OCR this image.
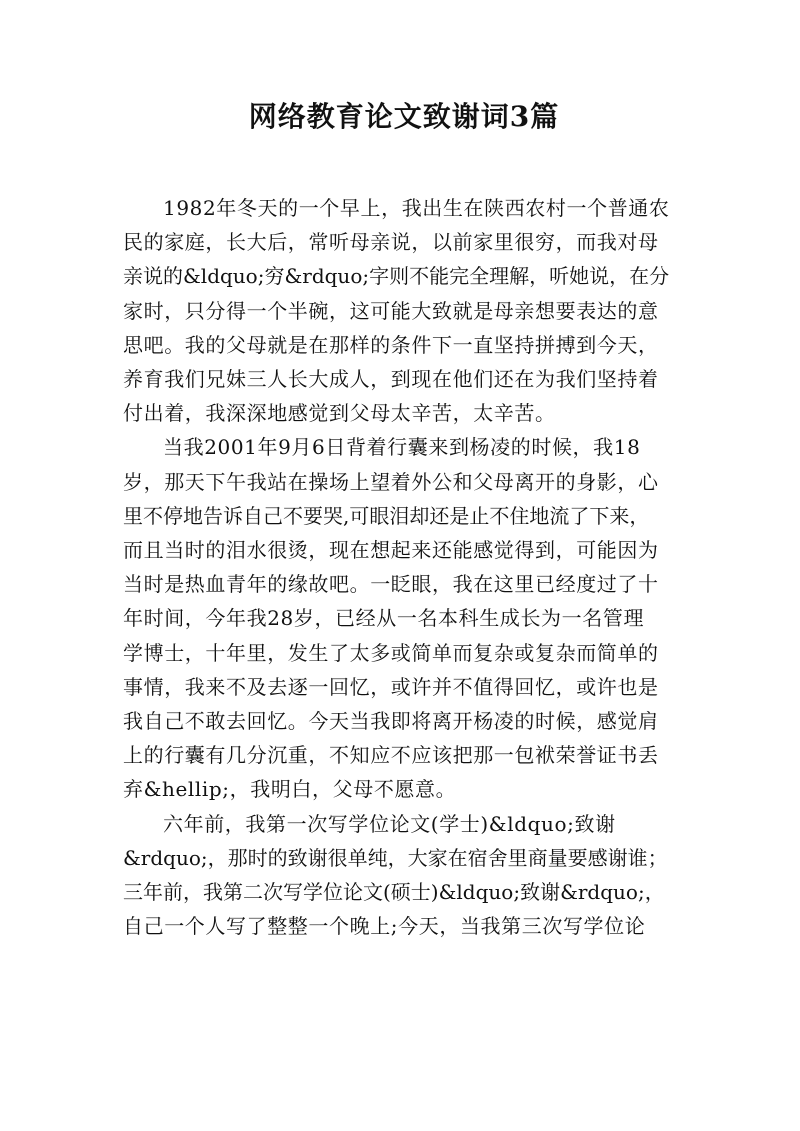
网络教育论文致谢词3篇

1982年冬天的一个早上，我出生在陕西农村一个普通农
民的家庭，长大后，常听母亲说，以前家里很穷，而我对母
亲说的&ldquo;穷&rdquo;字则不能完全理解，听她说，在分
家时，只分得一个半碗，这可能大致就是母亲想要表达的意
思吧。我的父母就是在那样的条件下一直坚持拼搏到今天，
养育我们兄妹三人长大成人，到现在他们还在为我们坚持着
付出着，我深深地感觉到父母太辛苦，太辛苦。

当我2001年9月6日背着行囊来到杨凌的时候，我18
岁，那天下午我站在操场上望着外公和父母离开的身影，心
里不停地告诉自己不要哭,可眼泪却还是止不住地流了下来，
而且当时的泪水很烫，现在想起来还能感觉得到，可能因为
当时是热血青年的缘故吧。一眨眼，我在这里已经度过了十
年时间，今年我28岁，已经从一名本科生成长为一名管理
学博士，十年里，发生了太多或简单而复杂或复杂而简单的
事情，我来不及去逐一回忆，或许并不值得回忆，或许也是
我自己不敢去回忆。今天当我即将离开杨凌的时候，感觉肩
上的行囊有几分沉重，不知应不应该把那一包袱荣誉证书丢
弃&hellip;，我明白，父母不愿意。

六年前，我第一次写学位论文(学士)&ldquo;致谢
&rdquo;，那时的致谢很单纯，大家在宿舍里商量要感谢谁；
三年前，我第二次写学位论文(硕士)&ldquo;致谢&rdquo;，
自己一个人写了整整一个晚上;今天，当我第三次写学位论
